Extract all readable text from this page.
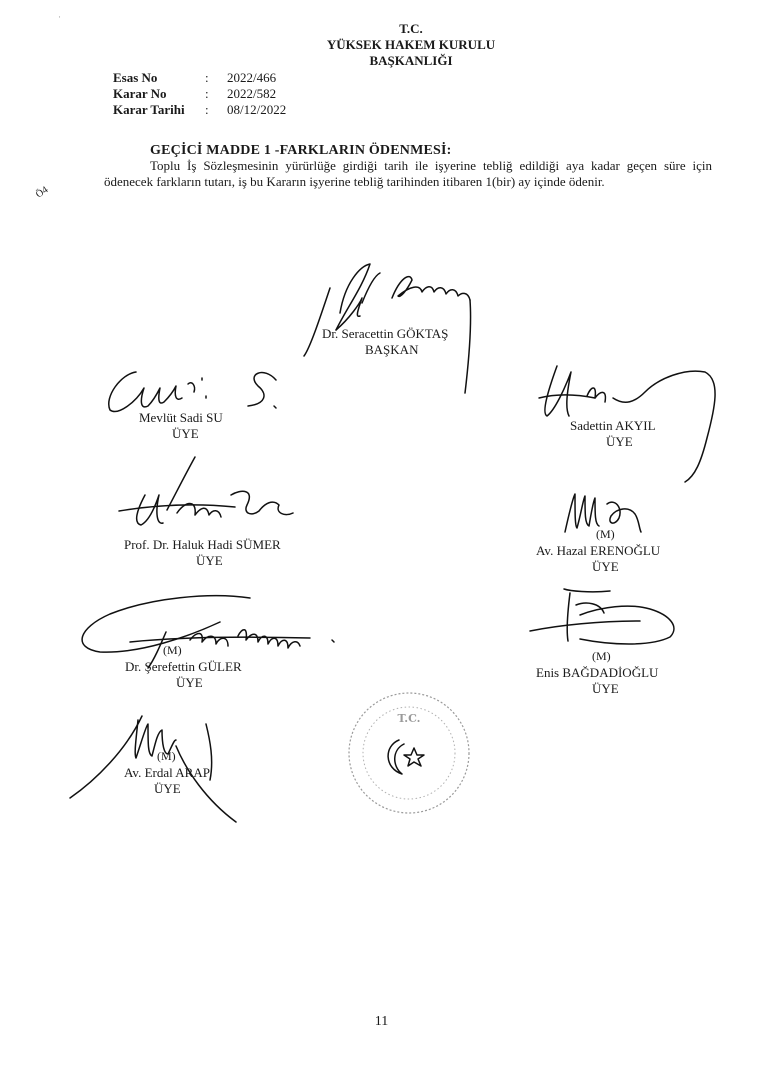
·
T.C.
YÜKSEK HAKEM KURULU
BAŞKANLIĞI
Esas No	: 2022/466
Karar No	: 2022/582
Karar Tarihi : 08/12/2022
GEÇİCİ MADDE 1 -FARKLARIN ÖDENMESİ:
Toplu İş Sözleşmesinin yürürlüğe girdiği tarih ile işyerine tebliğ edildiği aya kadar geçen süre için ödenecek farkların tutarı, iş bu Kararın işyerine tebliğ tarihinden itibaren 1(bir) ay içinde ödenir.
Ö4
Dr. Seracettin GÖKTAŞ
BAŞKAN
Mevlüt Sadi SU
ÜYE
Sadettin AKYIL
ÜYE
Prof. Dr. Haluk Hadi SÜMER
ÜYE
(M)
Av. Hazal ERENOĞLU
ÜYE
(M)
Dr. Şerefettin GÜLER
ÜYE
(M)
Enis BAĞDADİOĞLU
ÜYE
T.C.
(M)
Av. Erdal ARAP
ÜYE
11
